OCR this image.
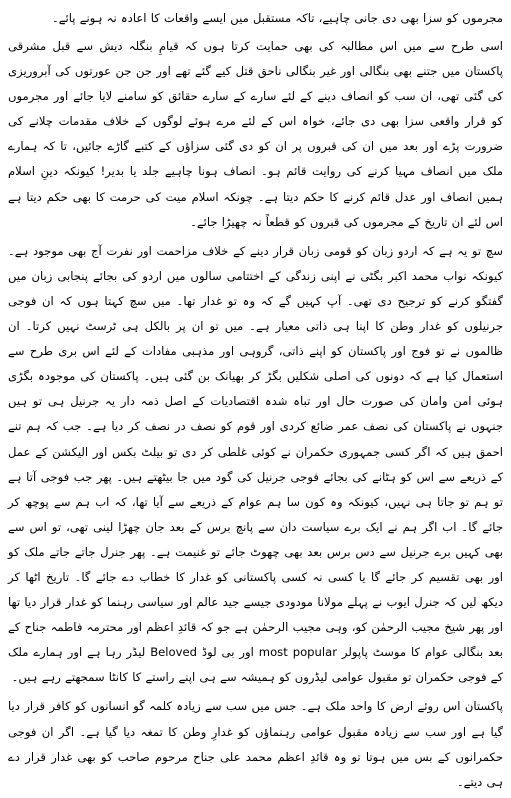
مجرموں کو سزا بھی دی جانی چاہیے، تاکہ مستقبل میں ایسے واقعات کا اعادہ نہ ہونے پائے۔

اسی طرح سے میں اس مطالبہ کی بھی حمایت کرتا ہوں کہ قیامِ بنگلہ دیش سے قبل مشرقی پاکستان میں جتنے بھی بنگالی اور غیر بنگالی ناحق قتل کیے گئے تھے اور جن جن عورتوں کی آبروریزی کی گئی تھی، ان سب کو انصاف دینے کے لئے سارے کے سارے حقائق کو سامنے لایا جائے اور مجرموں کو قرار واقعی سزا بھی دی جائے، خواہ اس کے لئے مرے ہوئے لوگوں کے خلاف مقدمات چلانے کی ضرورت پڑے اور بعد میں ان کی قبروں پر ان کو دی گئی سزاؤں کے کتبے گاڑے جائیں، تا کہ ہمارے ملک میں انصاف مہیا کرنے کی روایت قائم ہو۔ انصاف ہونا چاہیے جلد یا بدیر! کیونکہ دینِ اسلام ہمیں انصاف اور عدل قائم کرنے کا حکم دیتا ہے۔ چونکہ اسلام میت کی حرمت کا بھی حکم دیتا ہے اس لئے ان تاریخ کے مجرموں کی قبروں کو قطعاً نہ چھیڑا جائے۔

سچ تو یہ ہے کہ اردو زبان کو قومی زبان قرار دینے کے خلاف مزاحمت اور نفرت آج بھی موجود ہے۔ کیونکہ نواب محمد اکبر بگٹی نے اپنی زندگی کے اختتامی سالوں میں اردو کی بجائے پنجابی زبان میں گفتگو کرنے کو ترجیح دی تھی۔ آپ کہیں گے کہ وہ تو غدار تھا۔ میں سچ کہتا ہوں کہ ان فوجی جرنیلوں کو غدار وطن کا اپنا ہی ذاتی معیار ہے۔ میں تو ان پر بالکل ہی ٹرسٹ نہیں کرتا۔ ان ظالموں نے تو فوج اور پاکستان کو اپنے ذاتی، گروہی اور مذہبی مفادات کے لئے اس بری طرح سے استعمال کیا ہے کہ دونوں کی اصلی شکلیں بگڑ کر بھیانک بن گئی ہیں۔ پاکستان کی موجودہ بگڑی ہوئی امن وامان کی صورت حال اور تباہ شدہ اقتصادیات کے اصل ذمہ دار یہ جرنیل ہی تو ہیں جنہوں نے پاکستان کی نصف عمر ضائع کردی اور قوم کو نصف در نصف کر دیا ہے۔ جب کہ ہم تنے احمق ہیں کہ اگر کسی جمہوری حکمران نے کوئی غلطی کر دی تو بیلٹ بکس اور الیکشن کے عمل کے ذریعے سے اس کو ہٹانے کی بجائے فوجی جرنیل کی گود میں جا بیٹھتے ہیں۔ پھر جب فوجی آتا ہے تو ہم تو جاتا ہی نہیں، کیونکہ وہ کون سا ہم عوام کے ذریعے سے آیا تھا، کہ اب ہم سے پوچھ کر جائے گا۔ اب اگر ہم نے ایک برے سیاست دان سے پانچ برس کے بعد جان چھڑا لینی تھی، تو اس سے بھی کہیں برے جرنیل سے دس برس بعد بھی چھوٹ جائے تو غنیمت ہے۔ پھر جنرل جاتے جاتے ملک کو اور بھی تقسیم کر جائے گا یا کسی نہ کسی پاکستانی کو غدار کا خطاب دے جائے گا۔ تاریخ اٹھا کر دیکھ لیں کہ جنرل ایوب نے پہلے مولانا مودودی جیسے جید عالم اور سیاسی رہنما کو غدار قرار دیا تھا اور پھر شیخ مجیب الرحمٰن کو، وہی مجیب الرحمٰن ہے جو کہ قائدِ اعظم اور محترمہ فاطمہ جناح کے بعد بنگالی عوام کا موسٹ پاپولر most popular اور بی لوڈ Beloved لیڈر رہا ہے اور ہمارے ملک کے فوجی حکمران تو مقبول عوامی لیڈروں کو ہمیشہ سے ہی اپنے راستے کا کانٹا سمجھتے رہے ہیں۔

پاکستان اس روئے ارض کا واحد ملک ہے۔ جس میں سب سے زیادہ کلمہ گو انسانوں کو کافر قرار دیا گیا ہے اور سب سے زیادہ مقبول عوامی رہنماؤں کو غدارِ وطن کا تمغہ دیا گیا ہے۔ اگر ان فوجی حکمرانوں کے بس میں ہوتا تو وہ قائدِ اعظم محمد علی جناح مرحوم صاحب کو بھی غدار قرار دے ہی دیتے۔
